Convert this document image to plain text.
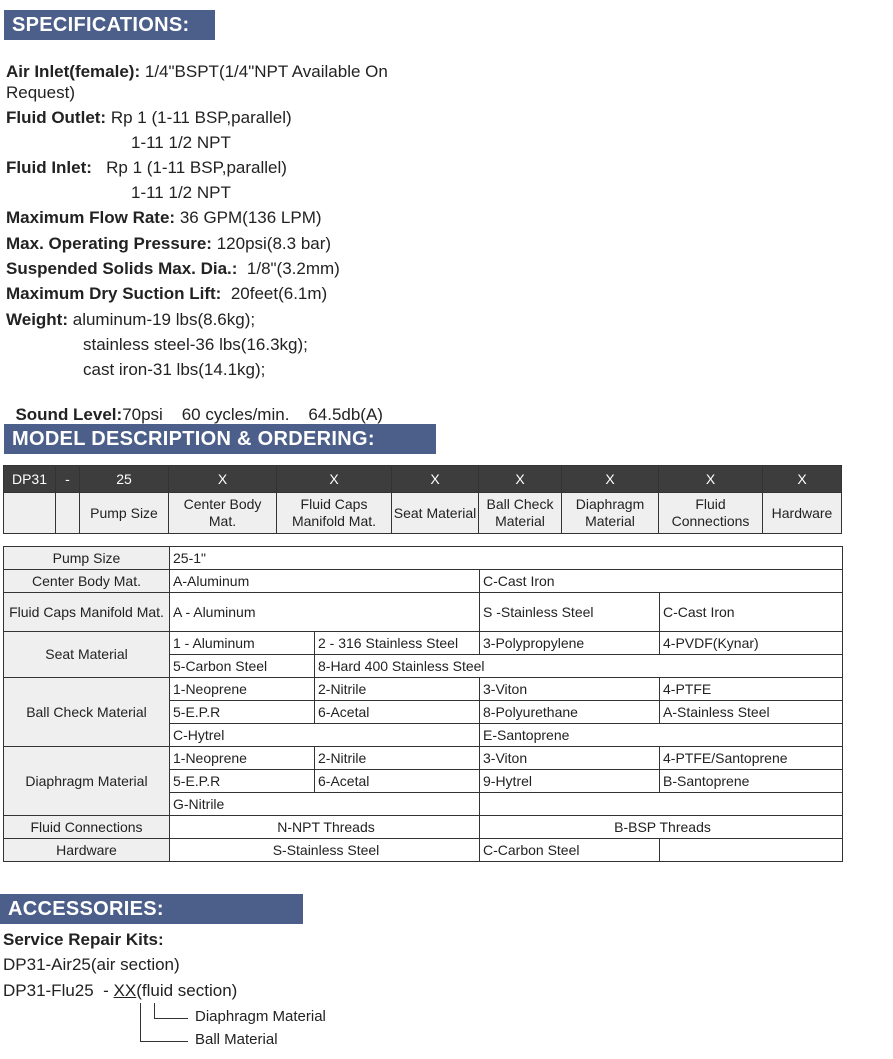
SPECIFICATIONS:
Air Inlet(female): 1/4"BSPT(1/4"NPT Available On
Request)
Fluid Outlet: Rp 1 (1-11 BSP,parallel)
1-11 1/2 NPT
Fluid Inlet: Rp 1 (1-11 BSP,parallel)
1-11 1/2 NPT
Maximum Flow Rate: 36 GPM(136 LPM)
Max. Operating Pressure: 120psi(8.3 bar)
Suspended Solids Max. Dia.: 1/8"(3.2mm)
Maximum Dry Suction Lift: 20feet(6.1m)
Weight: aluminum-19 lbs(8.6kg);
stainless steel-36 lbs(16.3kg);
cast iron-31 lbs(14.1kg);

Sound Level:70psi    60 cycles/min.    64.5db(A)

MODEL DESCRIPTION & ORDERING:
DP31	-	25	X	X	X	X	X	X	X
		Pump Size	Center Body Mat.	Fluid Caps Manifold Mat.	Seat Material	Ball Check Material	Diaphragm Material	Fluid Connections	Hardware
Pump Size	25-1"			
Center Body Mat.	A-Aluminum		C-Cast Iron	
Fluid Caps Manifold Mat.	A - Aluminum		S -Stainless Steel	C-Cast Iron
Seat Material	1 - Aluminum	2 - 316 Stainless Steel	3-Polypropylene	4-PVDF(Kynar)
	5-Carbon Steel	8-Hard 400 Stainless Steel		
Ball Check Material	1-Neoprene	2-Nitrile	3-Viton	4-PTFE
	5-E.P.R	6-Acetal	8-Polyurethane	A-Stainless Steel
	C-Hytrel		E-Santoprene	
Diaphragm Material	1-Neoprene	2-Nitrile	3-Viton	4-PTFE/Santoprene
	5-E.P.R	6-Acetal	9-Hytrel	B-Santoprene
	G-Nitrile			
Fluid Connections	N-NPT Threads		B-BSP Threads	
Hardware	S-Stainless Steel		C-Carbon Steel	
ACCESSORIES:
Service Repair Kits:
DP31-Air25(air section)
DP31-Flu25  - XX(fluid section)
Diaphragm Material
Ball Material
